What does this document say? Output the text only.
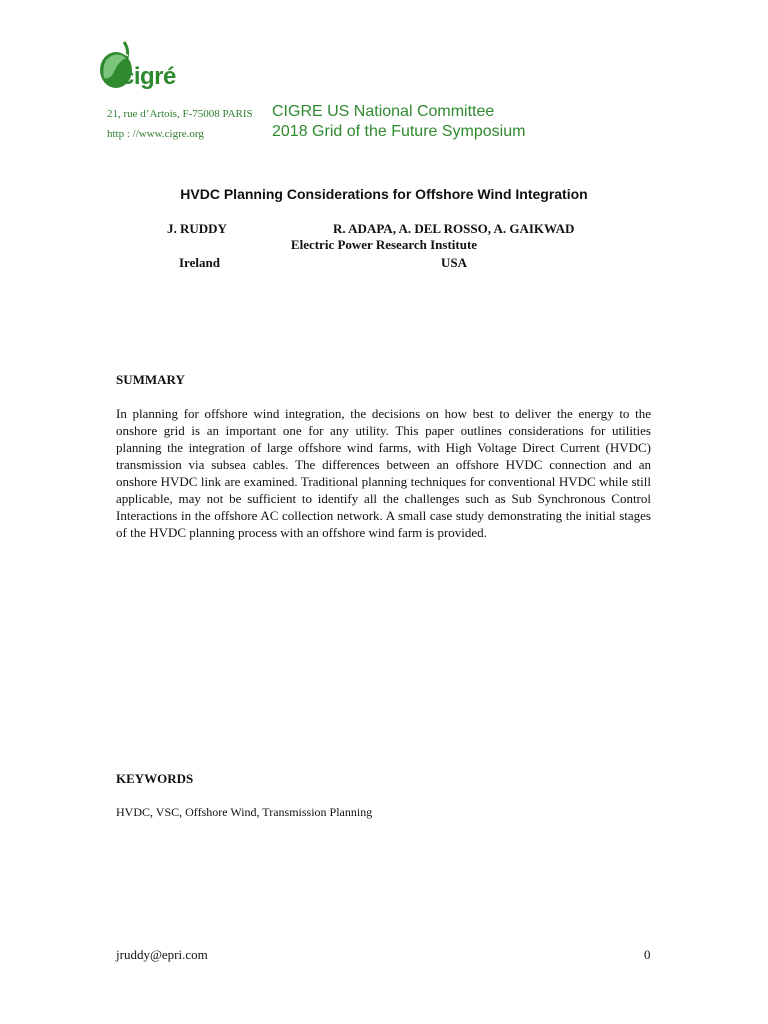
cigré
21, rue d’Artois, F-75008 PARIS
http : //www.cigre.org
CIGRE US National Committee
2018 Grid of the Future Symposium
HVDC Planning Considerations for Offshore Wind Integration
J. RUDDY	R. ADAPA, A. DEL ROSSO, A. GAIKWAD
Electric Power Research Institute
Ireland	USA
SUMMARY
In planning for offshore wind integration, the decisions on how best to deliver the energy to the onshore grid is an important one for any utility. This paper outlines considerations for utilities planning the integration of large offshore wind farms, with High Voltage Direct Current (HVDC) transmission via subsea cables. The differences between an offshore HVDC connection and an onshore HVDC link are examined. Traditional planning techniques for conventional HVDC while still applicable, may not be sufficient to identify all the challenges such as Sub Synchronous Control Interactions in the offshore AC collection network. A small case study demonstrating the initial stages of the HVDC planning process with an offshore wind farm is provided.
KEYWORDS
HVDC, VSC, Offshore Wind, Transmission Planning
jruddy@epri.com	0
